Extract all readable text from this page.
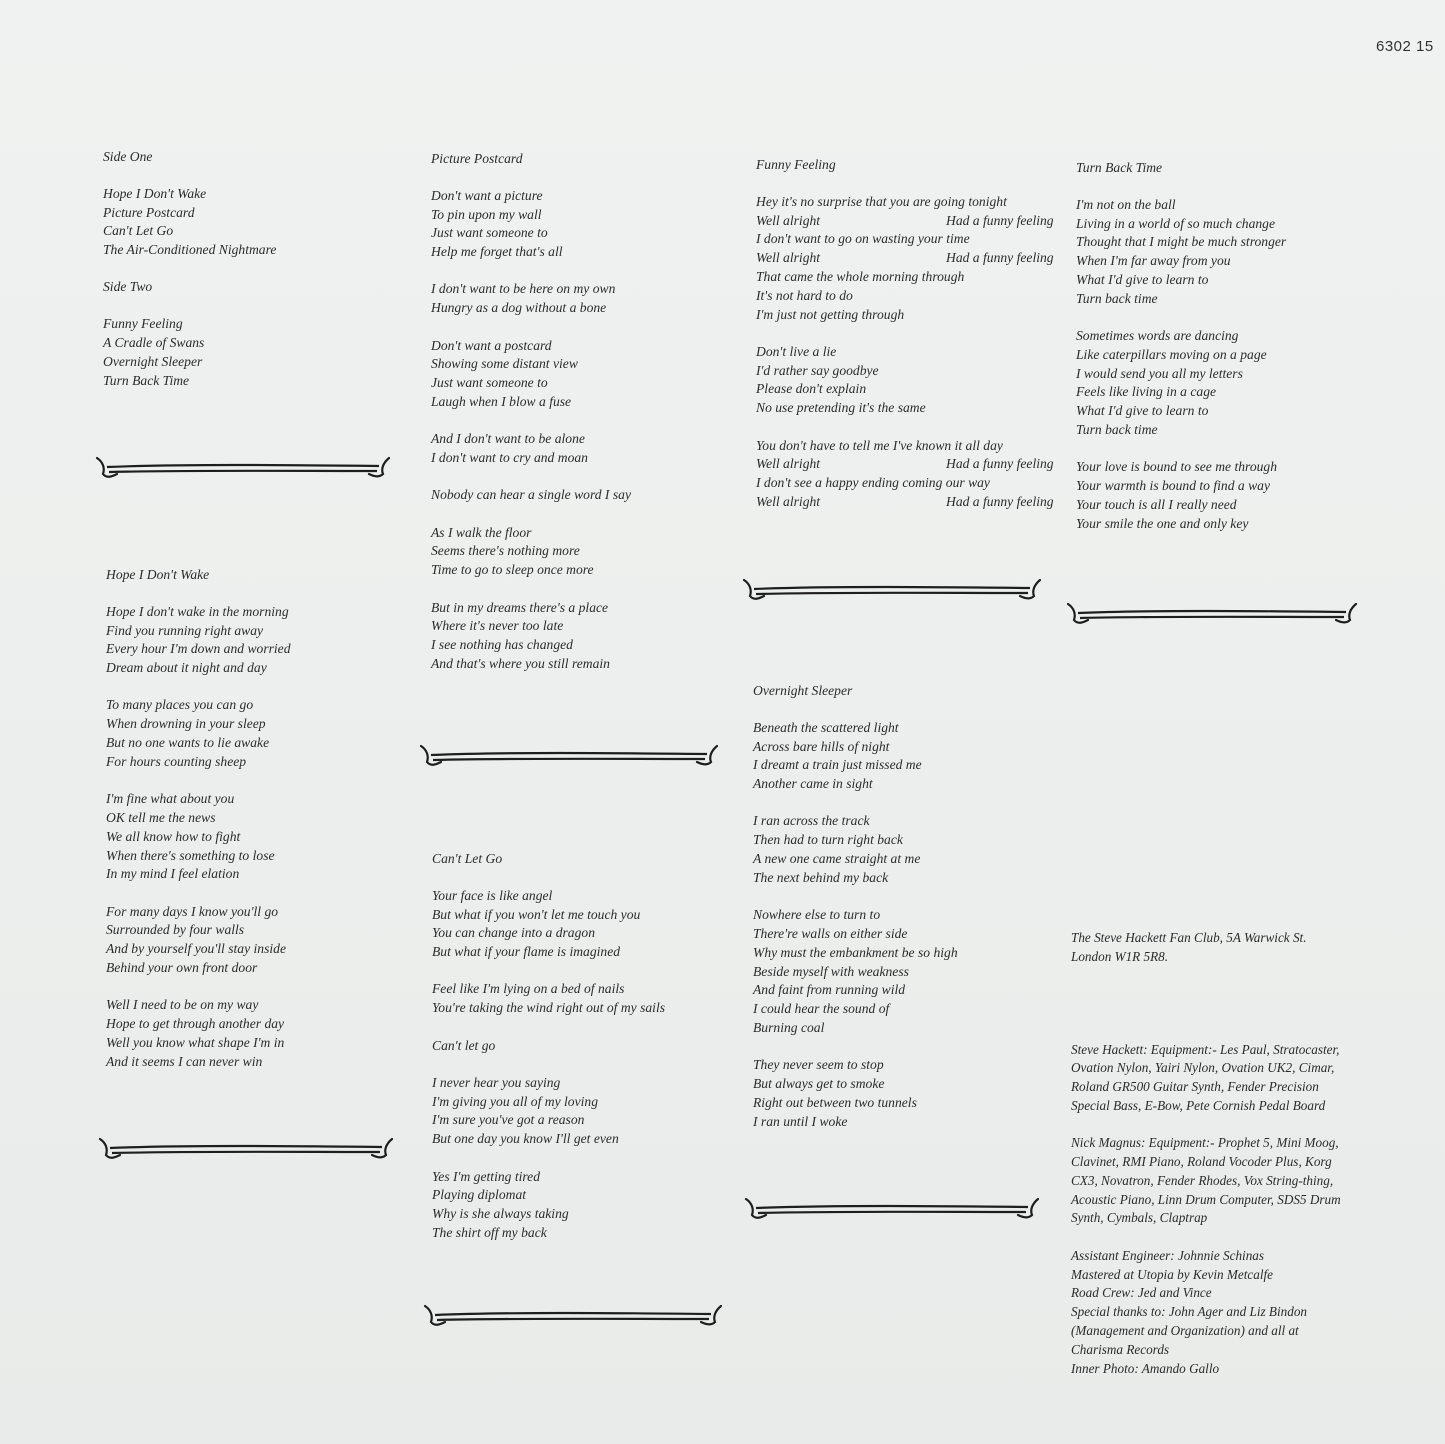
6302 15
Side One
Hope I Don't Wake
Picture Postcard
Can't Let Go
The Air-Conditioned Nightmare
Side Two
Funny Feeling
A Cradle of Swans
Overnight Sleeper
Turn Back Time
Hope I Don't Wake
Hope I don't wake in the morning
Find you running right away
Every hour I'm down and worried
Dream about it night and day
To many places you can go
When drowning in your sleep
But no one wants to lie awake
For hours counting sheep
I'm fine what about you
OK tell me the news
We all know how to fight
When there's something to lose
In my mind I feel elation
For many days I know you'll go
Surrounded by four walls
And by yourself you'll stay inside
Behind your own front door
Well I need to be on my way
Hope to get through another day
Well you know what shape I'm in
And it seems I can never win
Picture Postcard
Don't want a picture
To pin upon my wall
Just want someone to
Help me forget that's all
I don't want to be here on my own
Hungry as a dog without a bone
Don't want a postcard
Showing some distant view
Just want someone to
Laugh when I blow a fuse
And I don't want to be alone
I don't want to cry and moan
Nobody can hear a single word I say
As I walk the floor
Seems there's nothing more
Time to go to sleep once more
But in my dreams there's a place
Where it's never too late
I see nothing has changed
And that's where you still remain
Can't Let Go
Your face is like angel
But what if you won't let me touch you
You can change into a dragon
But what if your flame is imagined
Feel like I'm lying on a bed of nails
You're taking the wind right out of my sails
Can't let go
I never hear you saying
I'm giving you all of my loving
I'm sure you've got a reason
But one day you know I'll get even
Yes I'm getting tired
Playing diplomat
Why is she always taking
The shirt off my back
Funny Feeling
Hey it's no surprise that you are going tonight
Well alright	Had a funny feeling
I don't want to go on wasting your time
Well alright	Had a funny feeling
That came the whole morning through
It's not hard to do
I'm just not getting through
Don't live a lie
I'd rather say goodbye
Please don't explain
No use pretending it's the same
You don't have to tell me I've known it all day
Well alright	Had a funny feeling
I don't see a happy ending coming our way
Well alright	Had a funny feeling
Overnight Sleeper
Beneath the scattered light
Across bare hills of night
I dreamt a train just missed me
Another came in sight
I ran across the track
Then had to turn right back
A new one came straight at me
The next behind my back
Nowhere else to turn to
There're walls on either side
Why must the embankment be so high
Beside myself with weakness
And faint from running wild
I could hear the sound of
Burning coal
They never seem to stop
But always get to smoke
Right out between two tunnels
I ran until I woke
Turn Back Time
I'm not on the ball
Living in a world of so much change
Thought that I might be much stronger
When I'm far away from you
What I'd give to learn to
Turn back time
Sometimes words are dancing
Like caterpillars moving on a page
I would send you all my letters
Feels like living in a cage
What I'd give to learn to
Turn back time
Your love is bound to see me through
Your warmth is bound to find a way
Your touch is all I really need
Your smile the one and only key
The Steve Hackett Fan Club, 5A Warwick St.
London W1R 5R8.
Steve Hackett: Equipment:- Les Paul, Stratocaster,
Ovation Nylon, Yairi Nylon, Ovation UK2, Cimar,
Roland GR500 Guitar Synth, Fender Precision
Special Bass, E-Bow, Pete Cornish Pedal Board
Nick Magnus: Equipment:- Prophet 5, Mini Moog,
Clavinet, RMI Piano, Roland Vocoder Plus, Korg
CX3, Novatron, Fender Rhodes, Vox String-thing,
Acoustic Piano, Linn Drum Computer, SDS5 Drum
Synth, Cymbals, Claptrap
Assistant Engineer: Johnnie Schinas
Mastered at Utopia by Kevin Metcalfe
Road Crew: Jed and Vince
Special thanks to: John Ager and Liz Bindon
(Management and Organization) and all at
Charisma Records
Inner Photo: Amando Gallo
